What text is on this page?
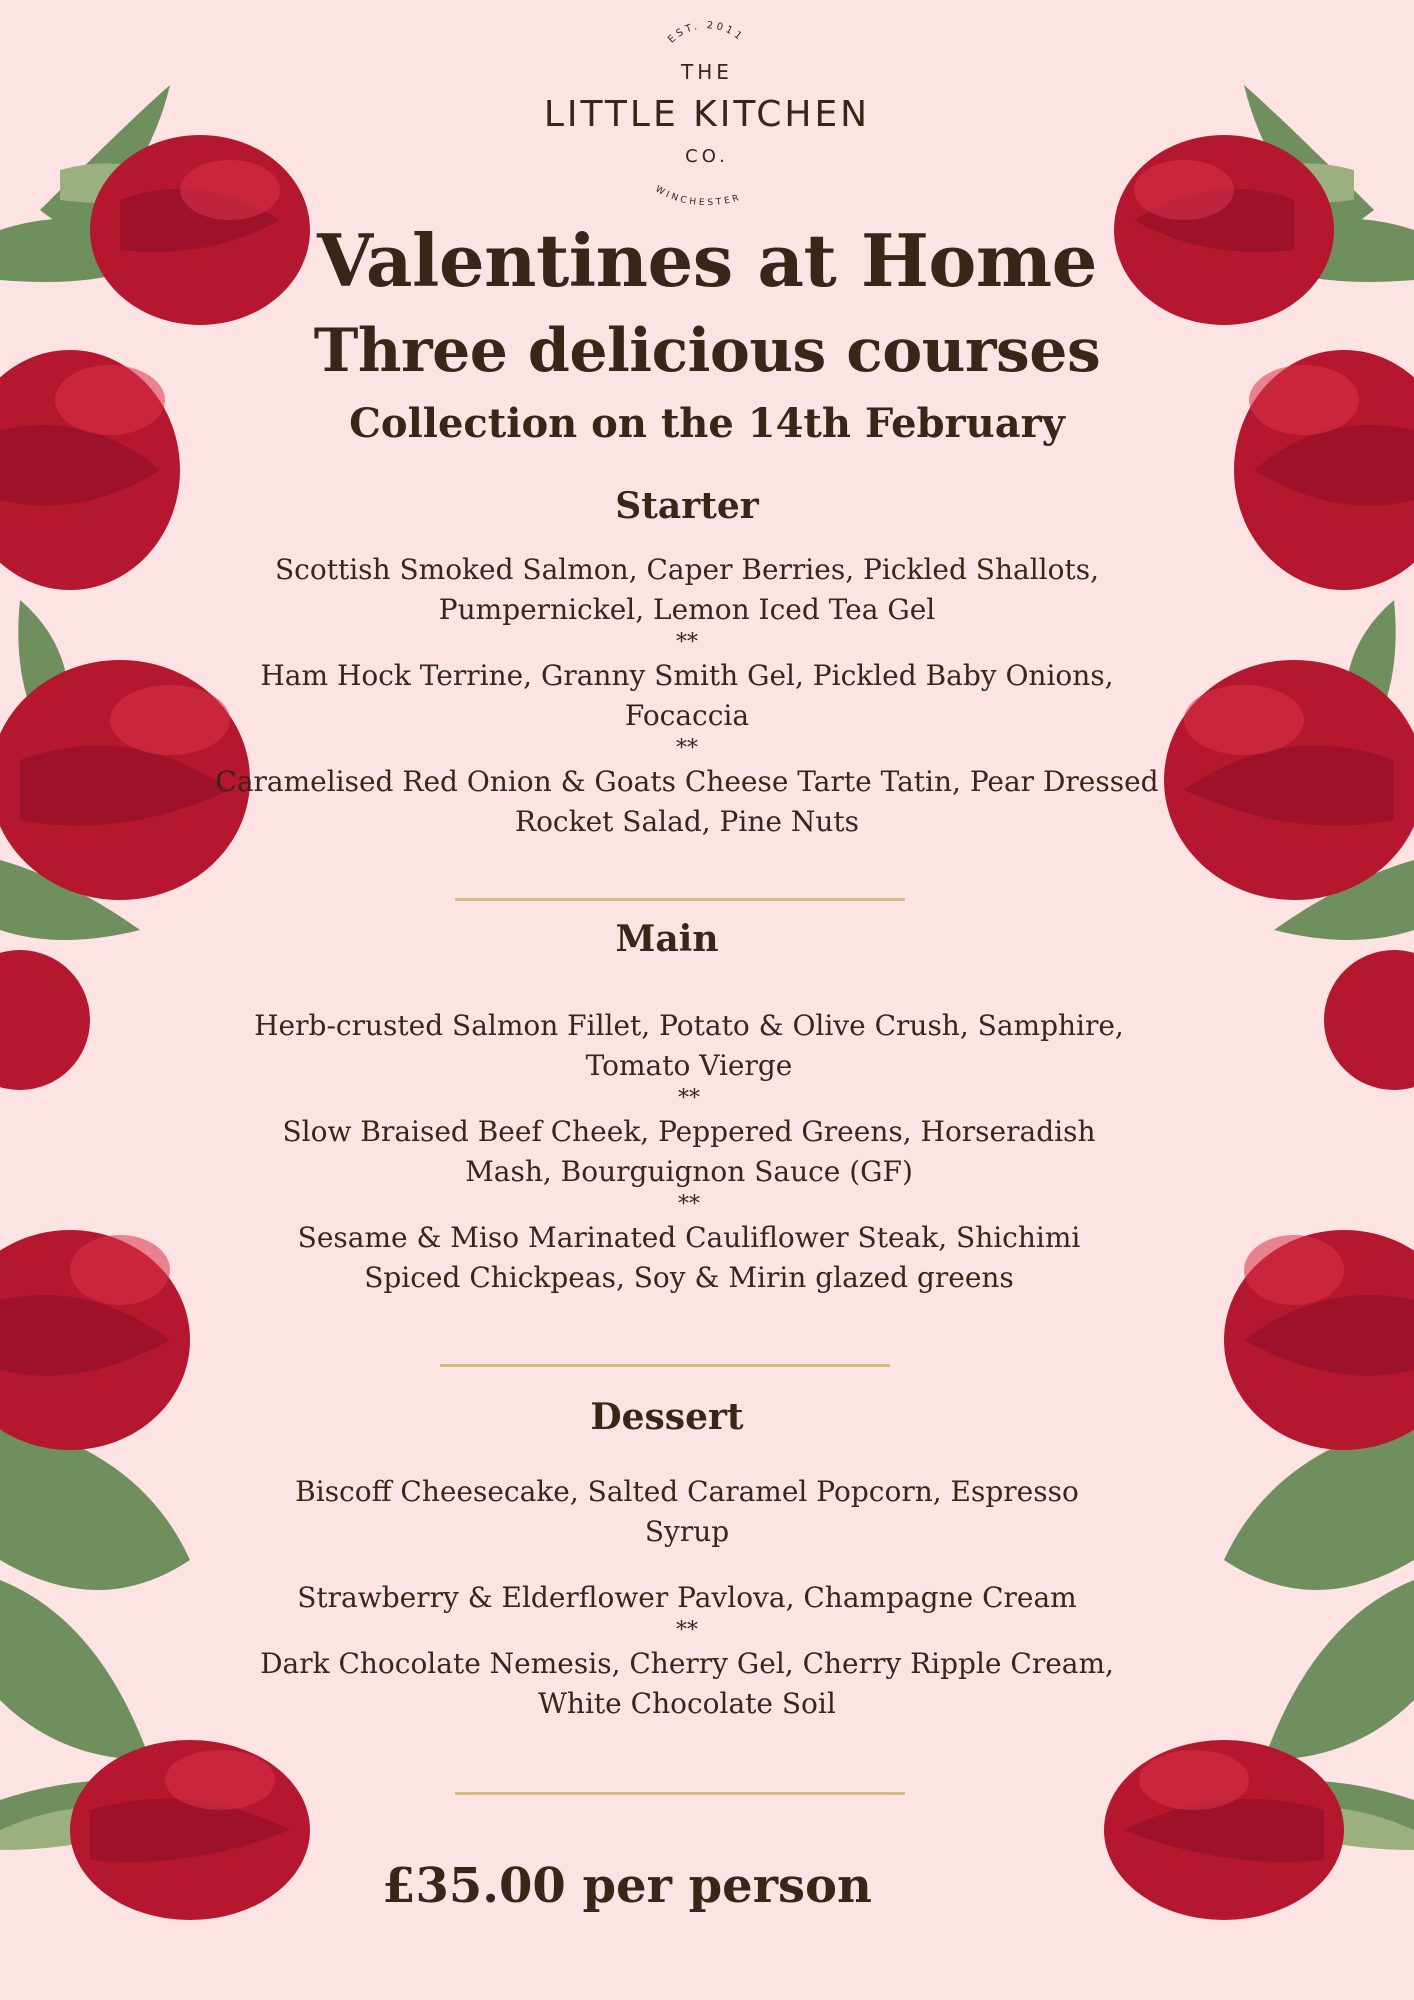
EST. 2011
WINCHESTER
THE
LITTLE KITCHEN
CO.
Valentines at Home
Three delicious courses
Collection on the 14th February
Starter
Scottish Smoked Salmon, Caper Berries, Pickled Shallots,
Pumpernickel, Lemon Iced Tea Gel
**
Ham Hock Terrine, Granny Smith Gel, Pickled Baby Onions,
Focaccia
**
Caramelised Red Onion & Goats Cheese Tarte Tatin, Pear Dressed
Rocket Salad, Pine Nuts
Main
Herb-crusted Salmon Fillet, Potato & Olive Crush, Samphire,
Tomato Vierge
**
Slow Braised Beef Cheek, Peppered Greens, Horseradish
Mash, Bourguignon Sauce (GF)
**
Sesame & Miso Marinated Cauliflower Steak, Shichimi
Spiced Chickpeas, Soy & Mirin glazed greens
Dessert
Biscoff Cheesecake, Salted Caramel Popcorn, Espresso
Syrup
Strawberry & Elderflower Pavlova, Champagne Cream
**
Dark Chocolate Nemesis, Cherry Gel, Cherry Ripple Cream,
White Chocolate Soil
£35.00 per person
